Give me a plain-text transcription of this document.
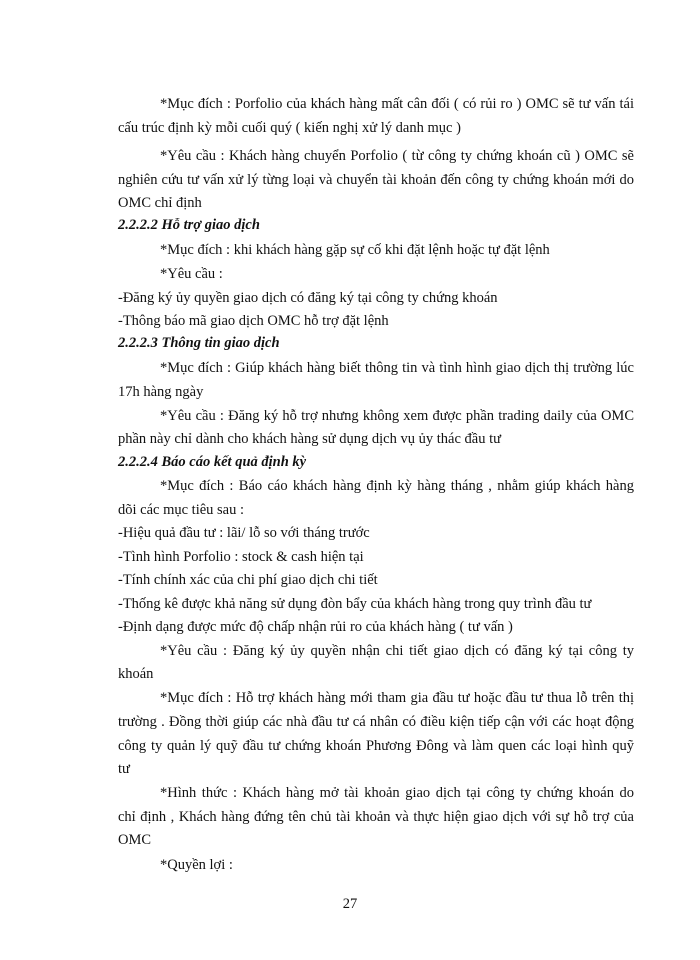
*Mục đích : Porfolio của khách hàng mất cân đối ( có rủi ro ) OMC sẽ tư vấn tái
cấu trúc định kỳ mỗi cuối quý ( kiến nghị xử lý danh mục )
*Yêu cầu : Khách hàng chuyển Porfolio ( từ công ty chứng khoán cũ ) OMC sẽ
nghiên cứu tư vấn xử lý từng loại và chuyển tài khoản đến công ty chứng khoán mới do
OMC chỉ định
2.2.2.2 Hỗ trợ giao dịch
*Mục đích : khi khách hàng gặp sự cố khi đặt lệnh hoặc tự đặt lệnh
*Yêu cầu :
-Đăng ký ủy quyền giao dịch có đăng ký tại công ty chứng khoán
-Thông báo mã giao dịch OMC hỗ trợ đặt lệnh
2.2.2.3 Thông tin giao dịch
*Mục đích : Giúp khách hàng biết thông tin và tình hình giao dịch thị trường lúc
17h hàng ngày
*Yêu cầu : Đăng ký hỗ trợ nhưng không xem được phần trading daily của OMC
phần này chỉ dành cho khách hàng sử dụng dịch vụ ủy thác đầu tư
2.2.2.4 Báo cáo kết quả định kỳ
*Mục đích : Báo cáo khách hàng định kỳ hàng tháng , nhằm giúp khách hàng
dõi các mục tiêu sau :
-Hiệu quả đầu tư : lãi/ lỗ so với tháng trước
-Tình hình Porfolio : stock & cash hiện tại
-Tính chính xác của chi phí giao dịch chi tiết
-Thống kê được khả năng sử dụng đòn bẩy của khách hàng trong quy trình đầu tư
-Định dạng được mức độ chấp nhận rủi ro của khách hàng ( tư vấn )
*Yêu cầu : Đăng ký ủy quyền nhận chi tiết giao dịch có đăng ký tại công ty
khoán
*Mục đích : Hỗ trợ khách hàng mới tham gia đầu tư hoặc đầu tư thua lỗ trên thị
trường . Đồng thời giúp các nhà đầu tư cá nhân có điều kiện tiếp cận với các hoạt động
công ty quản lý quỹ đầu tư chứng khoán Phương Đông và làm quen các loại hình quỹ
tư
*Hình thức : Khách hàng mở tài khoản giao dịch tại công ty chứng khoán do
chỉ định , Khách hàng đứng tên chủ tài khoản và thực hiện giao dịch với sự hỗ trợ của
OMC
*Quyền lợi :
27
